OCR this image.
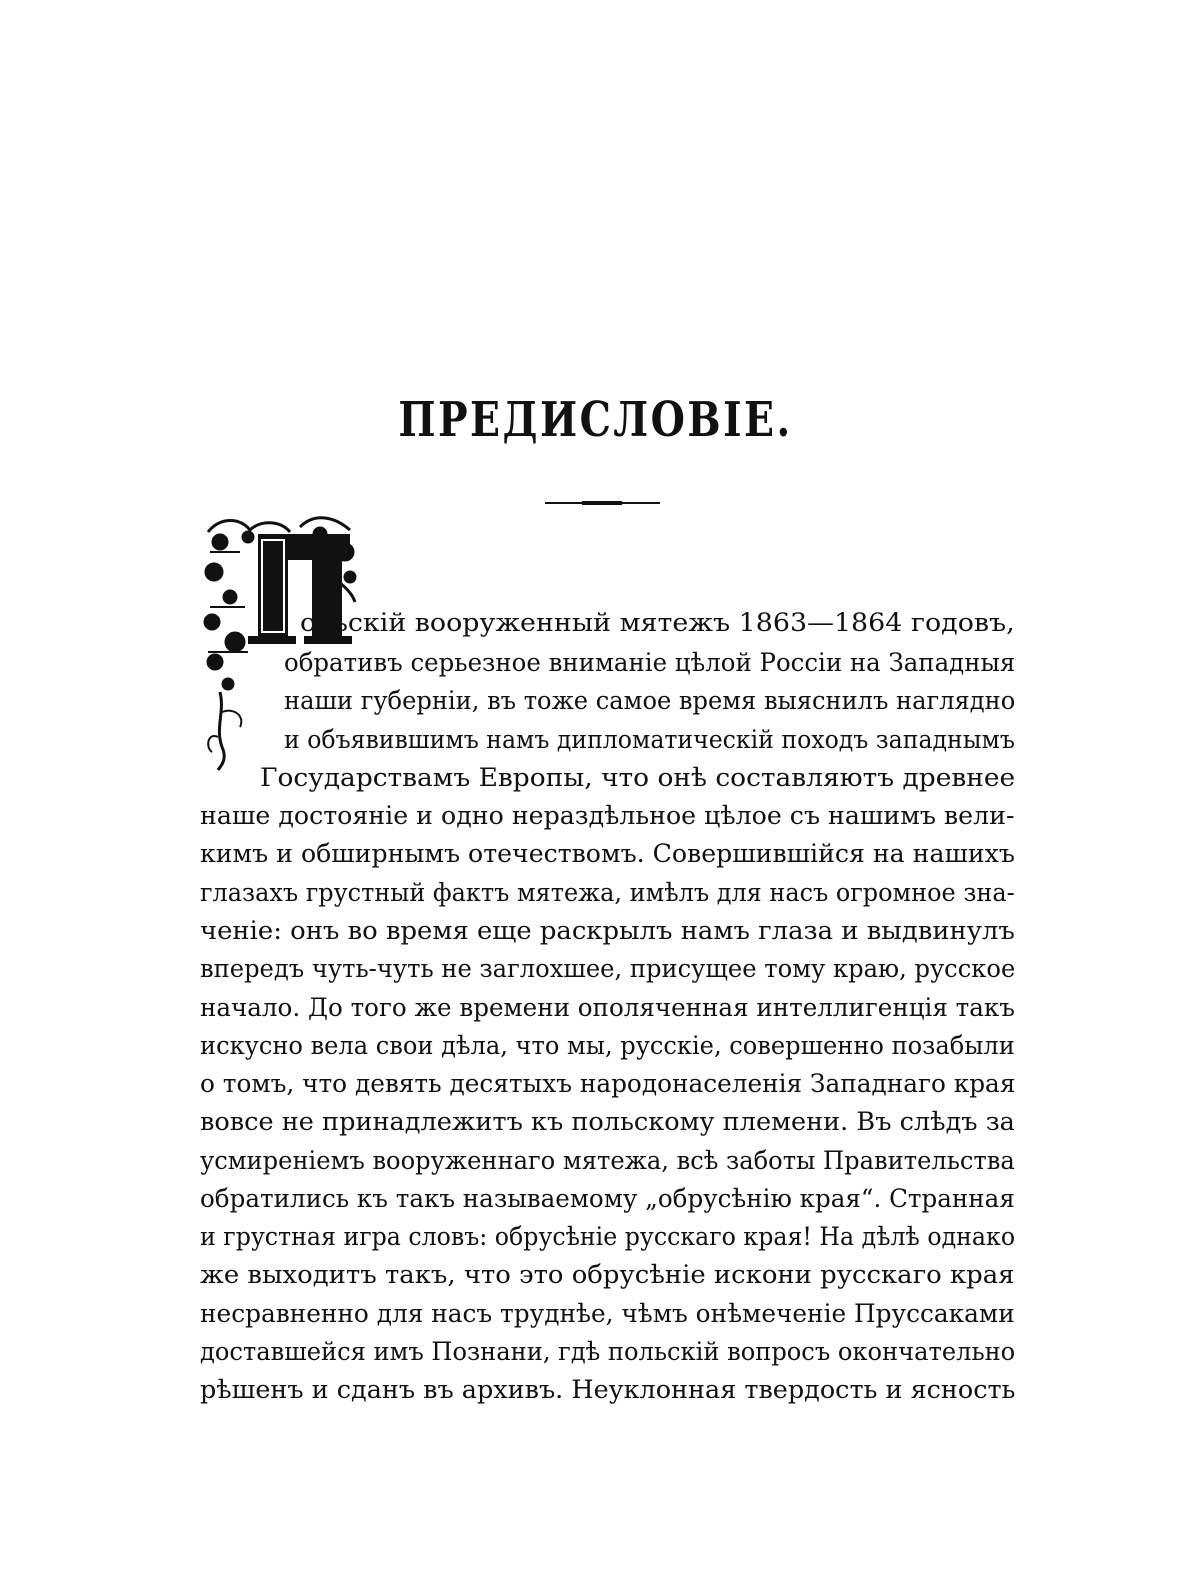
ПРЕДИСЛОВІЕ.
ольскій вооруженный мятежъ 1863—1864 годовъ,
обративъ серьезное вниманіе цѣлой Россіи на Западныя
наши губерніи, въ тоже самое время выяснилъ наглядно
и объявившимъ намъ дипломатическій походъ западнымъ
Государствамъ Европы, что онѣ составляютъ древнее
наше достояніе и одно нераздѣльное цѣлое съ нашимъ вели-
кимъ и обширнымъ отечествомъ. Совершившійся на нашихъ
глазахъ грустный фактъ мятежа, имѣлъ для насъ огромное зна-
ченіе: онъ во время еще раскрылъ намъ глаза и выдвинулъ
впередъ чуть-чуть не заглохшее, присущее тому краю, русское
начало. До того же времени ополяченная интеллигенція такъ
искусно вела свои дѣла, что мы, русскіе, совершенно позабыли
о томъ, что девять десятыхъ народонаселенія Западнаго края
вовсе не принадлежитъ къ польскому племени. Въ слѣдъ за
усмиреніемъ вооруженнаго мятежа, всѣ заботы Правительства
обратились къ такъ называемому „обрусѣнію края“. Странная
и грустная игра словъ: обрусѣніе русскаго края! На дѣлѣ однако
же выходитъ такъ, что это обрусѣніе искони русскаго края
несравненно для насъ труднѣе, чѣмъ онѣмеченіе Пруссаками
доставшейся имъ Познани, гдѣ польскій вопросъ окончательно
рѣшенъ и сданъ въ архивъ. Неуклонная твердость и ясность
